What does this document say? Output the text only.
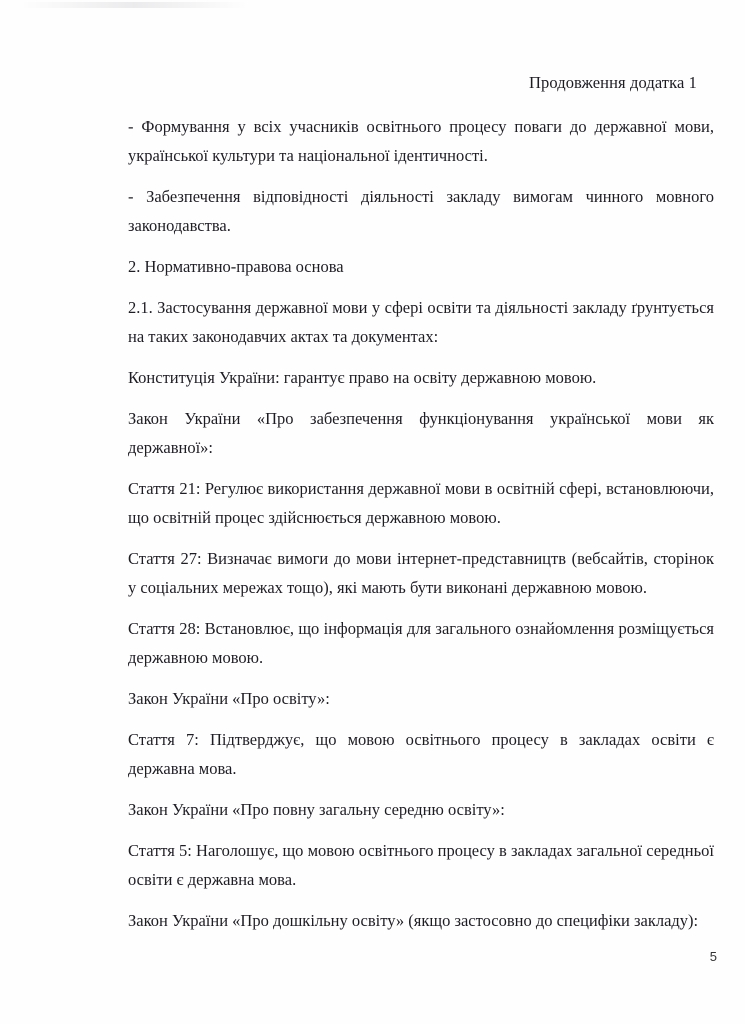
Продовження додатка 1

- Формування у всіх учасників освітнього процесу поваги до державної мови, української культури та національної ідентичності.

- Забезпечення відповідності діяльності закладу вимогам чинного мовного законодавства.

2. Нормативно-правова основа

2.1. Застосування державної мови у сфері освіти та діяльності закладу ґрунтується на таких законодавчих актах та документах:

Конституція України: гарантує право на освіту державною мовою.

Закон України «Про забезпечення функціонування української мови як державної»:

Стаття 21: Регулює використання державної мови в освітній сфері, встановлюючи, що освітній процес здійснюється державною мовою.

Стаття 27: Визначає вимоги до мови інтернет-представництв (вебсайтів, сторінок у соціальних мережах тощо), які мають бути виконані державною мовою.

Стаття 28: Встановлює, що інформація для загального ознайомлення розміщується державною мовою.

Закон України «Про освіту»:

Стаття 7: Підтверджує, що мовою освітнього процесу в закладах освіти є державна мова.

Закон України «Про повну загальну середню освіту»:

Стаття 5: Наголошує, що мовою освітнього процесу в закладах загальної середньої освіти є державна мова.

Закон України «Про дошкільну освіту» (якщо застосовно до специфіки закладу):

5
